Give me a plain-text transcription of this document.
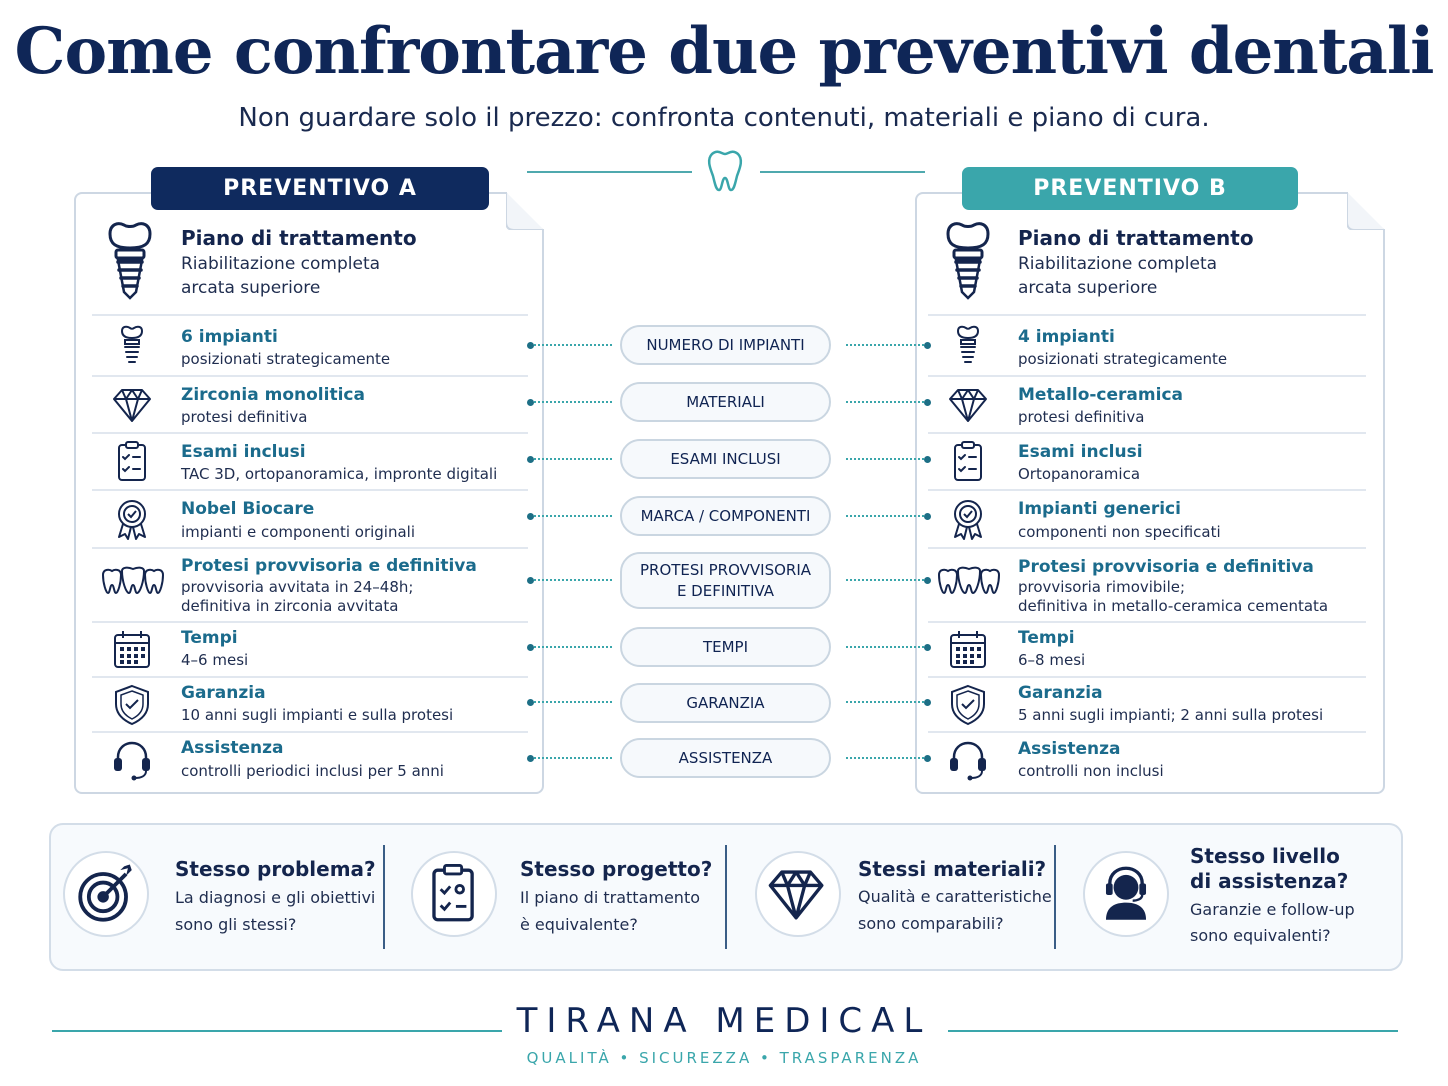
Come confrontare due preventivi dentali
Non guardare solo il prezzo: confronta contenuti, materiali e piano di cura.
PREVENTIVO A	PREVENTIVO B
Piano di trattamento
Riabilitazione completa arcata superiore
Piano di trattamento
Riabilitazione completa arcata superiore
6 impianti
posizionati strategicamente
Zirconia monolitica
protesi definitiva
Esami inclusi
TAC 3D, ortopanoramica, impronte digitali
Nobel Biocare
impianti e componenti originali
Protesi provvisoria e definitiva
provvisoria avvitata in 24–48h;
definitiva in zirconia avvitata
Tempi
4–6 mesi
Garanzia
10 anni sugli impianti e sulla protesi
Assistenza
controlli periodici inclusi per 5 anni
4 impianti
posizionati strategicamente
Metallo-ceramica
protesi definitiva
Esami inclusi
Ortopanoramica
Impianti generici
componenti non specificati
Protesi provvisoria e definitiva
provvisoria rimovibile;
definitiva in metallo-ceramica cementata
Tempi
6–8 mesi
Garanzia
5 anni sugli impianti; 2 anni sulla protesi
Assistenza
controlli non inclusi
NUMERO DI IMPIANTI
MATERIALI
ESAMI INCLUSI
MARCA / COMPONENTI
PROTESI PROVVISORIA
E DEFINITIVA
TEMPI
GARANZIA
ASSISTENZA
Stesso problema?
La diagnosi e gli obiettivi
sono gli stessi?
Stesso progetto?
Il piano di trattamento
è equivalente?
Stessi materiali?
Qualità e caratteristiche
sono comparabili?
Stesso livello
di assistenza?
Garanzie e follow-up
sono equivalenti?
TIRANA MEDICAL
QUALITÀ • SICUREZZA • TRASPARENZA
